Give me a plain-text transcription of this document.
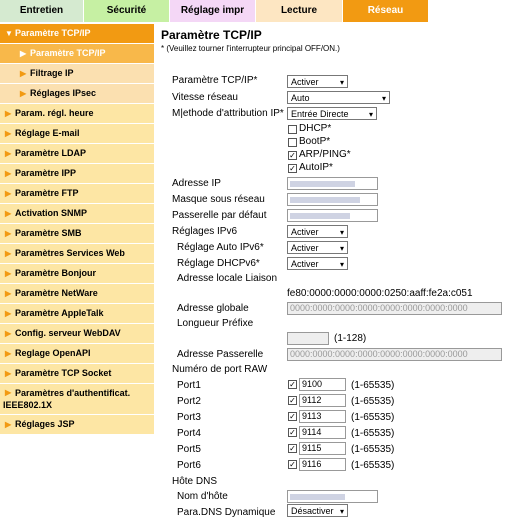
Entretien	Sécurité	Réglage impr	Lecture	Réseau
▼ Paramètre TCP/IP
▶ Paramètre TCP/IP
▶ Filtrage IP
▶ Réglages IPsec
▶ Param. régl. heure
▶ Réglage E-mail
▶ Paramètre LDAP
▶ Paramètre IPP
▶ Paramètre FTP
▶ Activation SNMP
▶ Paramètre SMB
▶ Paramètres Services Web
▶ Paramètre Bonjour
▶ Paramètre NetWare
▶ Paramètre AppleTalk
▶ Config. serveur WebDAV
▶ Reglage OpenAPI
▶ Paramètre TCP Socket
▶ Paramètres d'authentificat. IEEE802.1X
▶ Réglages JSP
Paramètre TCP/IP
* (Veuillez tourner l'interrupteur principal OFF/ON.)
Paramètre TCP/IP*	Activer	▾
Vitesse réseau	Auto	▾
M|ethode d'attribution IP* Entrée Directe	▾
DHCP*
BootP*
✓ ARP/PING*
✓ AutoIP*
Adresse IP
Masque sous réseau
Passerelle par défaut
Réglages IPv6	Activer	▾
Réglage Auto IPv6*	Activer	▾
Réglage DHCPv6*	Activer	▾
Adresse locale Liaison
fe80:0000:0000:0000:0250:aaff:fe2a:c051
Adresse globale	0000:0000:0000:0000:0000:0000:0000:0000
Longueur Préfixe
(1-128)
Adresse Passerelle	0000:0000:0000:0000:0000:0000:0000:0000
Numéro de port RAW
Port1	✓ 9100	(1-65535)
Port2	✓ 9112	(1-65535)
Port3	✓ 9113	(1-65535)
Port4	✓ 9114	(1-65535)
Port5	✓ 9115	(1-65535)
Port6	✓ 9116	(1-65535)
Hôte DNS
Nom d'hôte
Para.DNS Dynamique	Désactiver ▾
